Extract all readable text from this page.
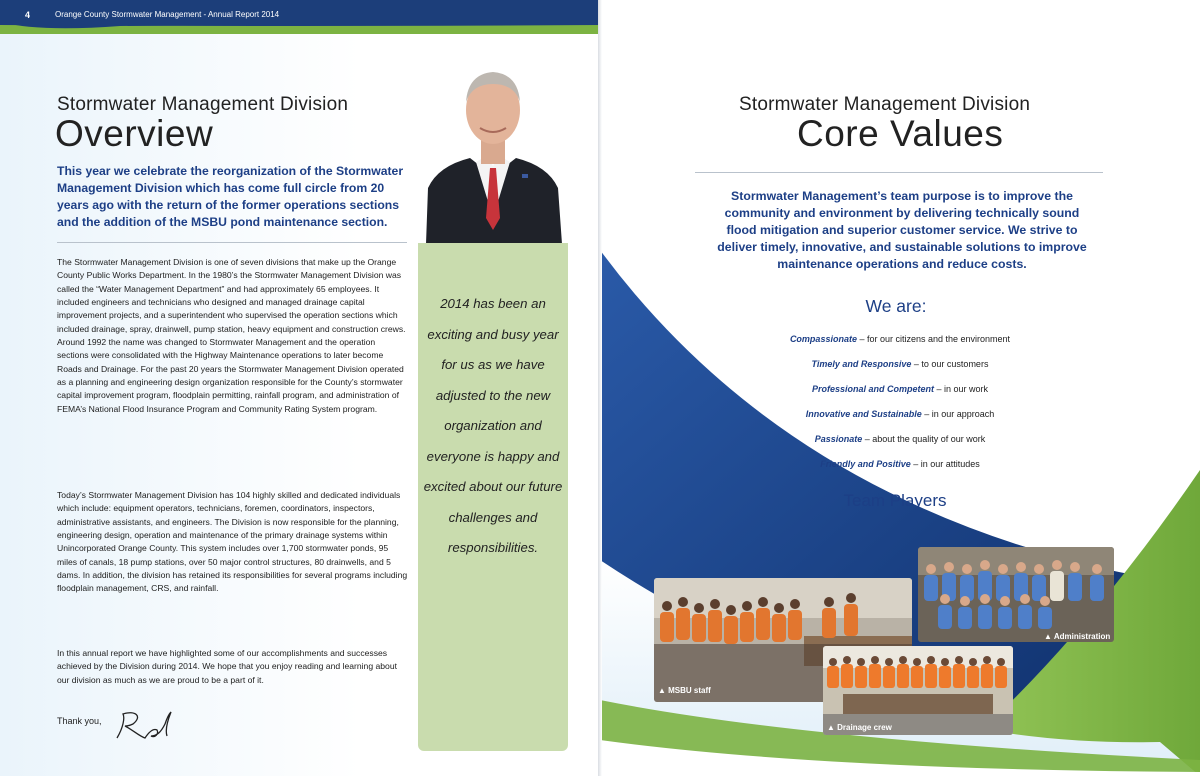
4	Orange County Stormwater Management - Annual Report 2014
Stormwater Management Division
Overview
This year we celebrate the reorganization of the Stormwater Management Division which has come full circle from 20 years ago with the return of the former operations sections and the addition of the MSBU pond maintenance section.
The Stormwater Management Division is one of seven divisions that make up the Orange County Public Works Department. In the 1980’s the Stormwater Management Division was called the “Water Management Department” and had approximately 65 employees. It included engineers and technicians who designed and managed drainage capital improvement projects, and a superintendent who supervised the operation sections which included drainage, spray, drainwell, pump station, heavy equipment and construction crews. Around 1992 the name was changed to Stormwater Management and the operation sections were consolidated with the Highway Maintenance operations to later become Roads and Drainage. For the past 20 years the Stormwater Management Division operated as a planning and engineering design organization responsible for the County’s stormwater capital improvement program, floodplain permitting, rainfall program, and administration of FEMA’s National Flood Insurance Program and Community Rating System program.
Today’s Stormwater Management Division has 104 highly skilled and dedicated individuals which include: equipment operators, technicians, foremen, coordinators, inspectors, administrative assistants, and engineers. The Division is now responsible for the planning, engineering design, operation and maintenance of the primary drainage systems within Unincorporated Orange County. This system includes over 1,700 stormwater ponds, 95 miles of canals, 18 pump stations, over 50 major control structures, 80 drainwells, and 5 dams. In addition, the division has retained its responsibilities for several programs including floodplain management, CRS, and rainfall.
In this annual report we have highlighted some of our accomplishments and successes achieved by the Division during 2014. We hope that you enjoy reading and learning about our division as much as we are proud to be a part of it.
Thank you,
2014 has been an exciting and busy year for us as we have adjusted to the new organization and everyone is happy and excited about our future challenges and responsibilities.
Stormwater Management Division
Core Values
Stormwater Management’s team purpose is to improve the community and environment by delivering technically sound flood mitigation and superior customer service. We strive to deliver timely, innovative, and sustainable solutions to improve maintenance operations and reduce costs.
We are:
Compassionate – for our citizens and the environment
Timely and Responsive – to our customers
Professional and Competent – in our work
Innovative and Sustainable – in our approach
Passionate – about the quality of our work
Friendly and Positive – in our attitudes
Team Players
▲ MSBU staff
▲ Administration
▲ Drainage crew
